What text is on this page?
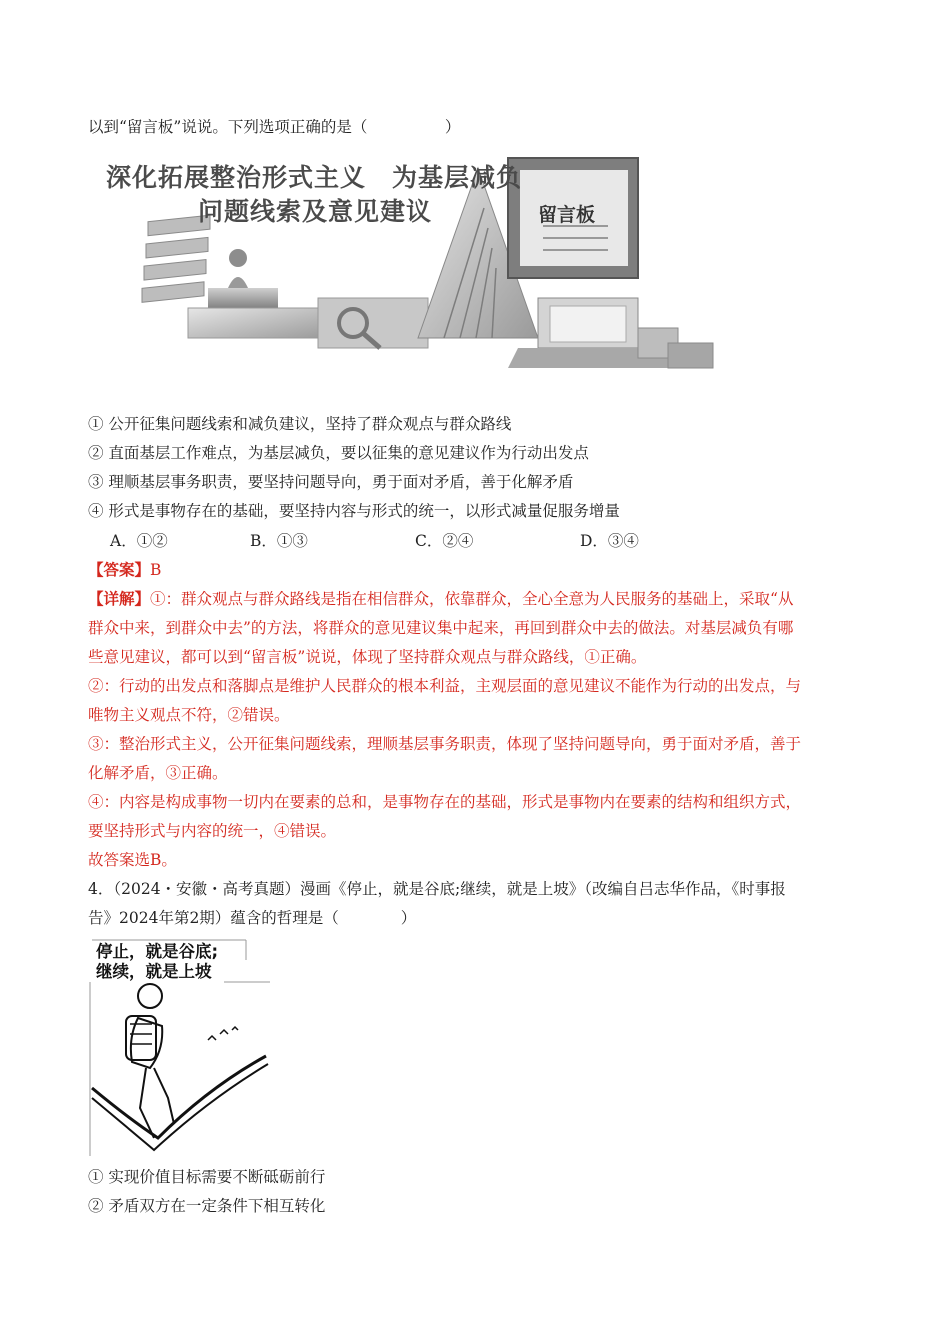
以到“留言板”说说。下列选项正确的是（　　　　　）
深化拓展整治形式主义　为基层减负
问题线索及意见建议	留言板
① 公开征集问题线索和减负建议，坚持了群众观点与群众路线
② 直面基层工作难点，为基层减负，要以征集的意见建议作为行动出发点
③ 理顺基层事务职责，要坚持问题导向，勇于面对矛盾，善于化解矛盾
④ 形式是事物存在的基础，要坚持内容与形式的统一，以形式减量促服务增量
A．①②	B．①③	C．②④	D．③④
【答案】B
【详解】①：群众观点与群众路线是指在相信群众，依靠群众，全心全意为人民服务的基础上，采取“从
群众中来，到群众中去”的方法，将群众的意见建议集中起来，再回到群众中去的做法。对基层减负有哪
些意见建议，都可以到“留言板”说说，体现了坚持群众观点与群众路线，①正确。
②：行动的出发点和落脚点是维护人民群众的根本利益，主观层面的意见建议不能作为行动的出发点，与
唯物主义观点不符，②错误。
③：整治形式主义，公开征集问题线索，理顺基层事务职责，体现了坚持问题导向，勇于面对矛盾，善于
化解矛盾，③正确。
④：内容是构成事物一切内在要素的总和，是事物存在的基础，形式是事物内在要素的结构和组织方式，
要坚持形式与内容的统一，④错误。
故答案选B。
4．（2024・安徽・高考真题）漫画《停止，就是谷底;继续，就是上坡》（改编自吕志华作品，《时事报
告》2024年第2期）蕴含的哲理是（　　　　）
停止，就是谷底;
继续，就是上坡
① 实现价值目标需要不断砥砺前行
② 矛盾双方在一定条件下相互转化
